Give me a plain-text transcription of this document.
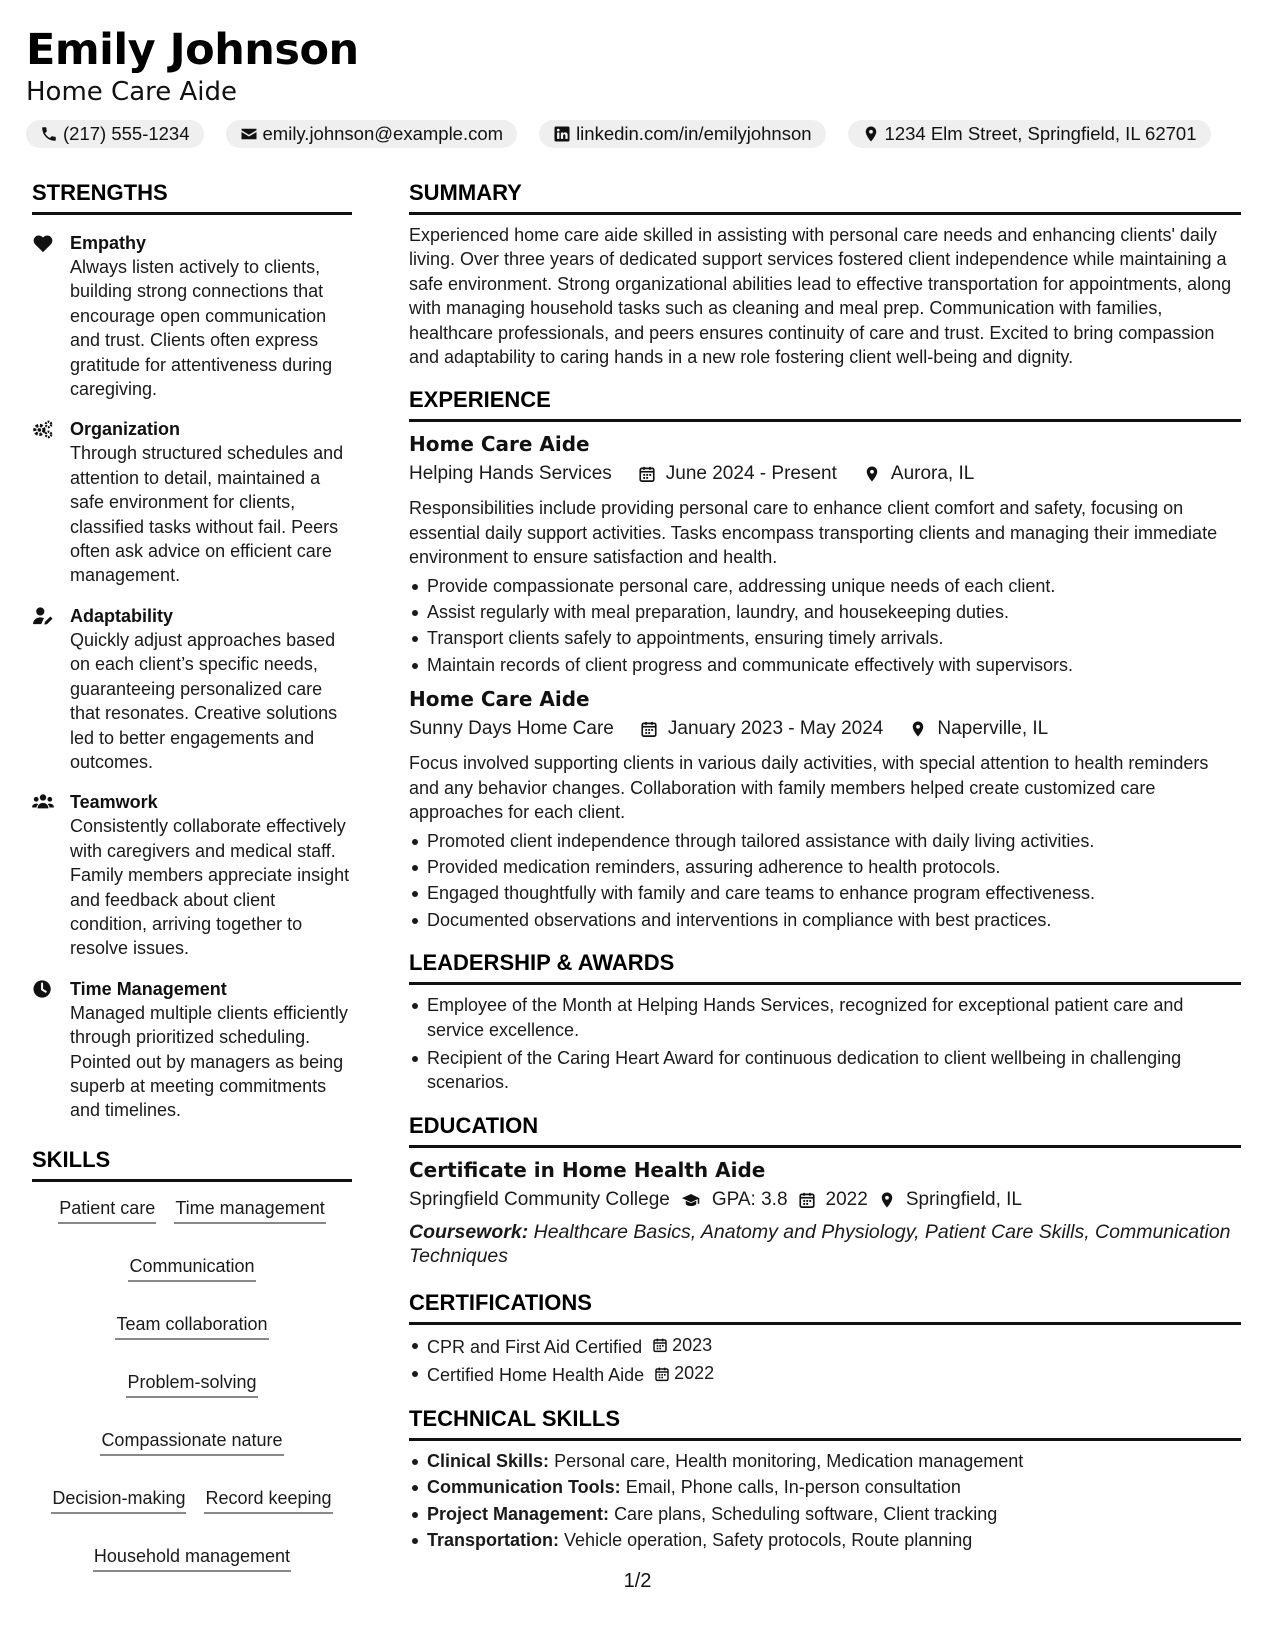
Emily Johnson
Home Care Aide
(217) 555-1234	emily.johnson@example.com	linkedin.com/in/emilyjohnson	1234 Elm Street, Springfield, IL 62701
STRENGTHS
Empathy
Always listen actively to clients, building strong connections that encourage open communication and trust. Clients often express gratitude for attentiveness during caregiving.
Organization
Through structured schedules and attention to detail, maintained a safe environment for clients, classified tasks without fail. Peers often ask advice on efficient care management.
Adaptability
Quickly adjust approaches based on each client’s specific needs, guaranteeing personalized care that resonates. Creative solutions led to better engagements and outcomes.
Teamwork
Consistently collaborate effectively with caregivers and medical staff. Family members appreciate insight and feedback about client condition, arriving together to resolve issues.
Time Management
Managed multiple clients efficiently through prioritized scheduling. Pointed out by managers as being superb at meeting commitments and timelines.
SKILLS
Patient care Time management
Communication
Team collaboration
Problem-solving
Compassionate nature
Decision-making Record keeping
Household management
SUMMARY
Experienced home care aide skilled in assisting with personal care needs and enhancing clients' daily living. Over three years of dedicated support services fostered client independence while maintaining a safe environment. Strong organizational abilities lead to effective transportation for appointments, along with managing household tasks such as cleaning and meal prep. Communication with families, healthcare professionals, and peers ensures continuity of care and trust. Excited to bring compassion and adaptability to caring hands in a new role fostering client well-being and dignity.
EXPERIENCE
Home Care Aide
Helping Hands Services	June 2024 - Present	Aurora, IL
Responsibilities include providing personal care to enhance client comfort and safety, focusing on essential daily support activities. Tasks encompass transporting clients and managing their immediate environment to ensure satisfaction and health.
Provide compassionate personal care, addressing unique needs of each client.
Assist regularly with meal preparation, laundry, and housekeeping duties.
Transport clients safely to appointments, ensuring timely arrivals.
Maintain records of client progress and communicate effectively with supervisors.
Home Care Aide
Sunny Days Home Care	January 2023 - May 2024	Naperville, IL
Focus involved supporting clients in various daily activities, with special attention to health reminders and any behavior changes. Collaboration with family members helped create customized care approaches for each client.
Promoted client independence through tailored assistance with daily living activities.
Provided medication reminders, assuring adherence to health protocols.
Engaged thoughtfully with family and care teams to enhance program effectiveness.
Documented observations and interventions in compliance with best practices.
LEADERSHIP & AWARDS
Employee of the Month at Helping Hands Services, recognized for exceptional patient care and service excellence.
Recipient of the Caring Heart Award for continuous dedication to client wellbeing in challenging scenarios.
EDUCATION
Certificate in Home Health Aide
Springfield Community College GPA: 3.8 2022 Springfield, IL
Coursework: Healthcare Basics, Anatomy and Physiology, Patient Care Skills, Communication Techniques
CERTIFICATIONS
CPR and First Aid Certified 2023
Certified Home Health Aide 2022
TECHNICAL SKILLS
Clinical Skills: Personal care, Health monitoring, Medication management
Communication Tools: Email, Phone calls, In-person consultation
Project Management: Care plans, Scheduling software, Client tracking
Transportation: Vehicle operation, Safety protocols, Route planning
1/2
